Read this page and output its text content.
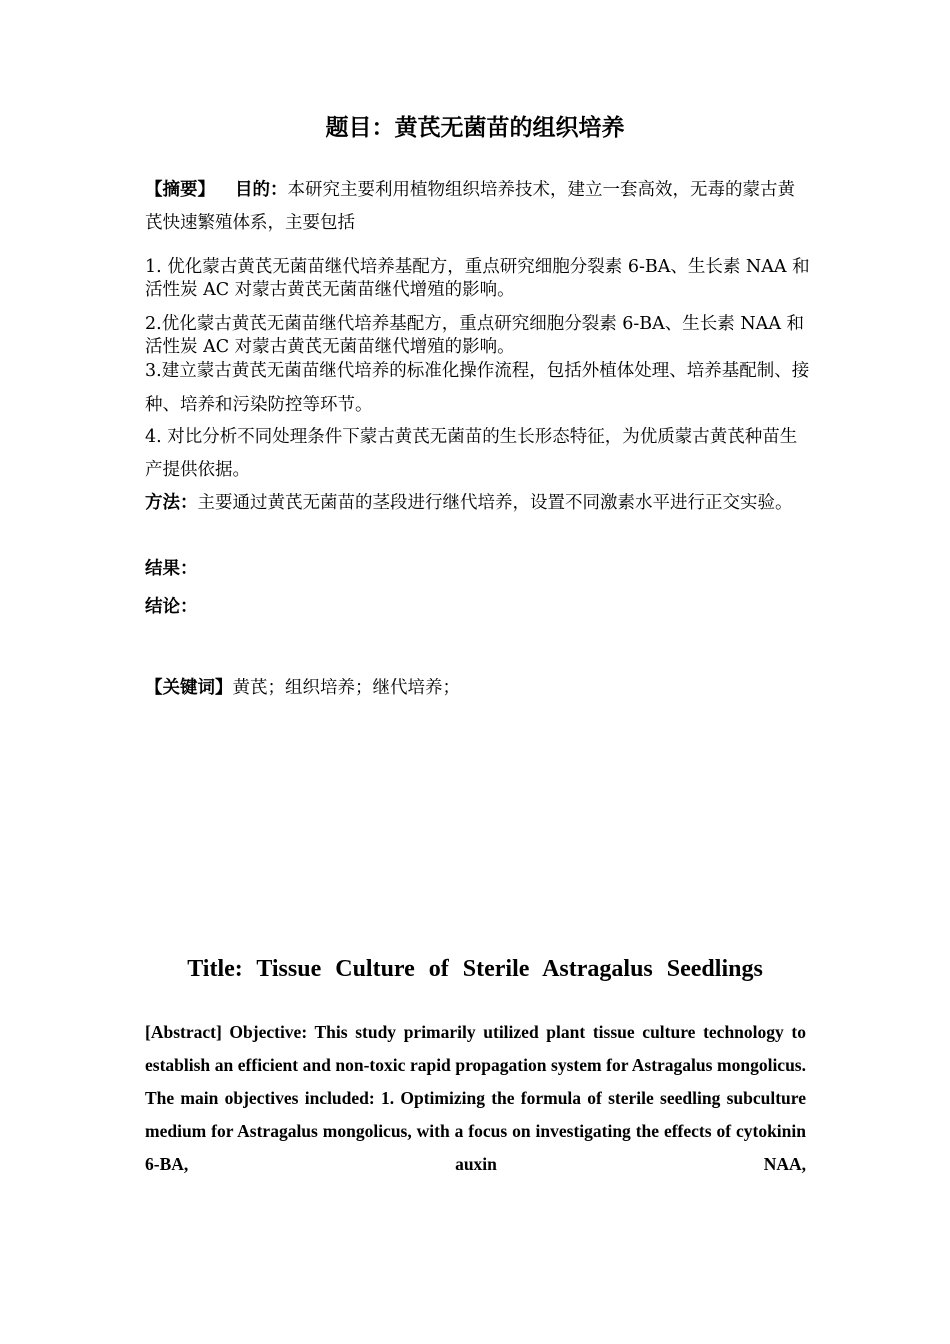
题目：黄芪无菌苗的组织培养
【摘要】 目的：本研究主要利用植物组织培养技术，建立一套高效，无毒的蒙古黄芪快速繁殖体系，主要包括
1. 优化蒙古黄芪无菌苗继代培养基配方，重点研究细胞分裂素 6-BA、生长素 NAA 和活性炭 AC 对蒙古黄芪无菌苗继代增殖的影响。
2.优化蒙古黄芪无菌苗继代培养基配方，重点研究细胞分裂素 6-BA、生长素 NAA 和活性炭 AC 对蒙古黄芪无菌苗继代增殖的影响。
3.建立蒙古黄芪无菌苗继代培养的标准化操作流程，包括外植体处理、培养基配制、接种、培养和污染防控等环节。
4. 对比分析不同处理条件下蒙古黄芪无菌苗的生长形态特征，为优质蒙古黄芪种苗生产提供依据。
方法：主要通过黄芪无菌苗的茎段进行继代培养，设置不同激素水平进行正交实验。
结果：
结论：
【关键词】黄芪；组织培养；继代培养；
Title: Tissue Culture of Sterile Astragalus Seedlings
[Abstract] Objective: This study primarily utilized plant tissue culture technology to establish an efficient and non-toxic rapid propagation system for Astragalus mongolicus. The main objectives included: 1. Optimizing the formula of sterile seedling subculture medium for Astragalus mongolicus, with a focus on investigating the effects of cytokinin 6-BA, auxin NAA,
